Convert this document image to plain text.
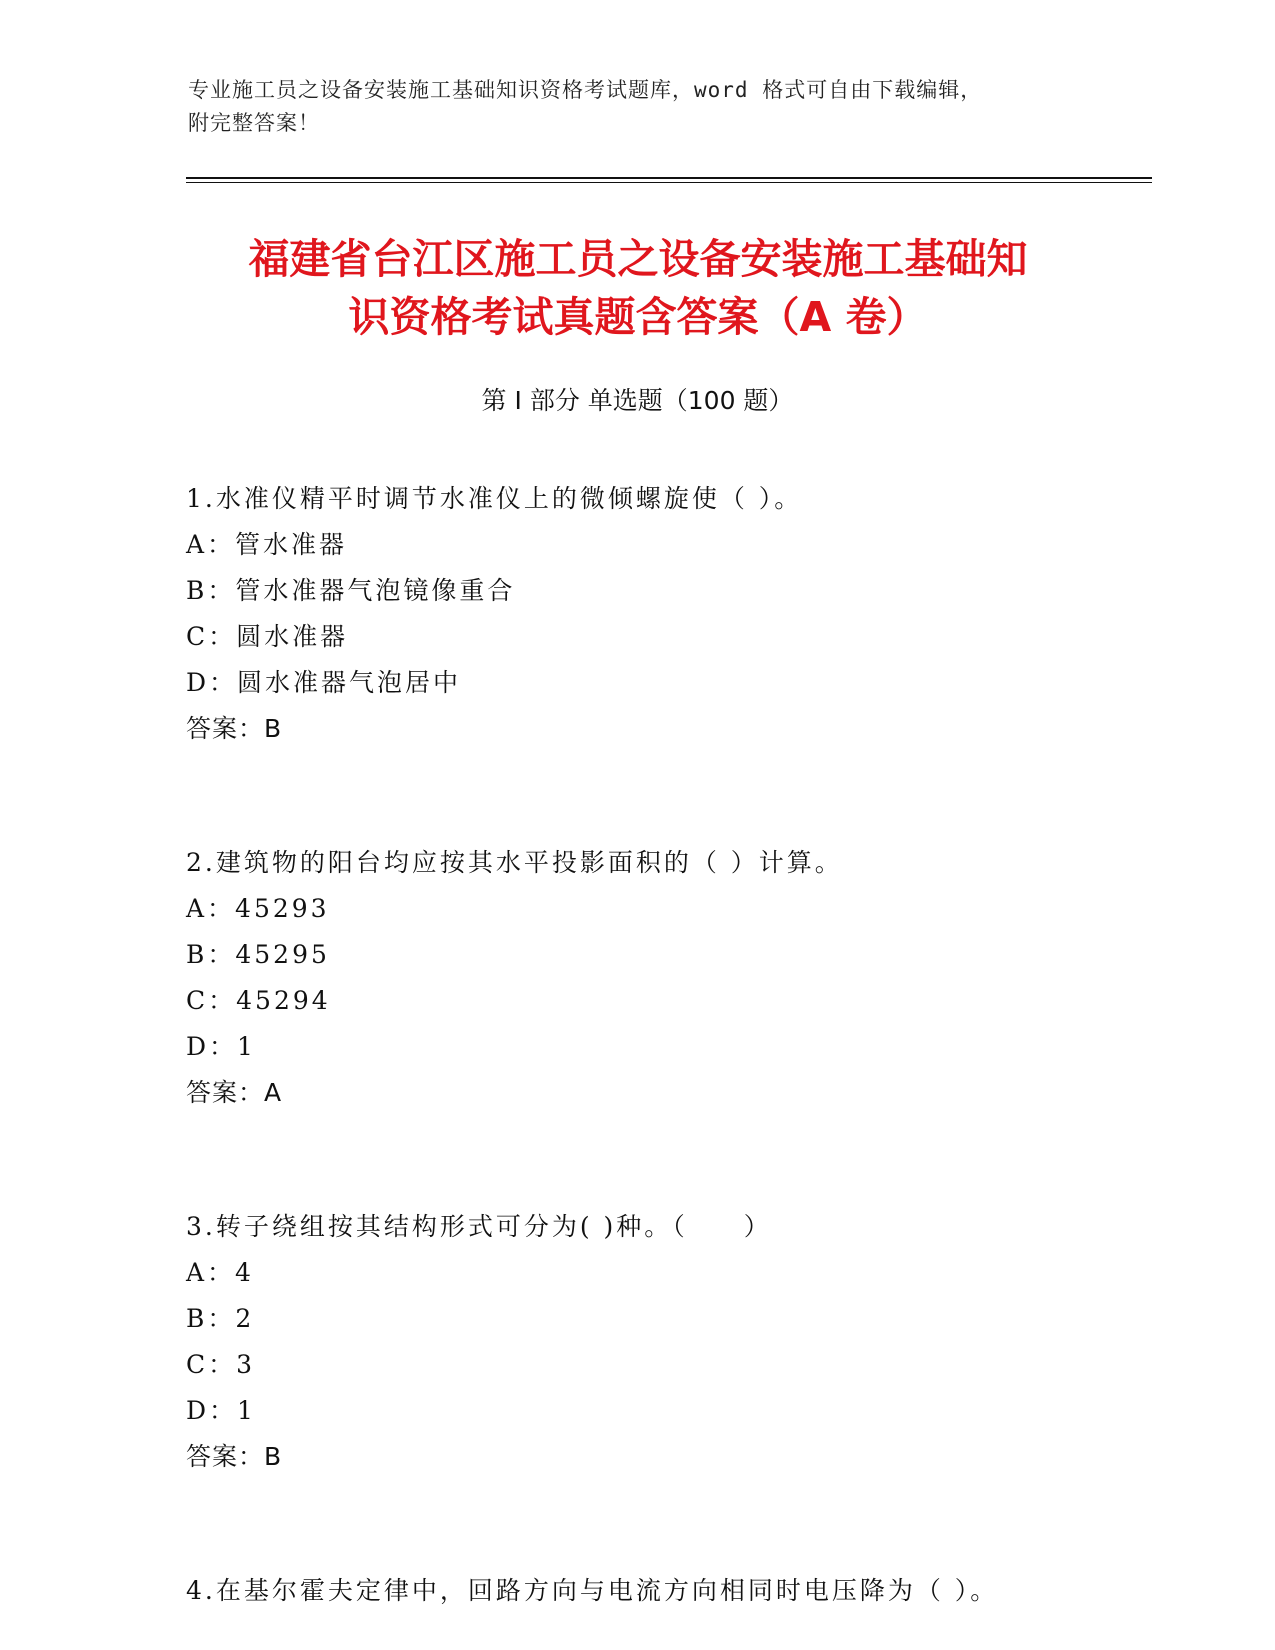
专业施工员之设备安装施工基础知识资格考试题库，word 格式可自由下载编辑，
附完整答案！
福建省台江区施工员之设备安装施工基础知
识资格考试真题含答案（A 卷）
第 I 部分 单选题（100 题）
1.水准仪精平时调节水准仪上的微倾螺旋使（ ）。
A：管水准器
B：管水准器气泡镜像重合
C：圆水准器
D：圆水准器气泡居中
答案：B
2.建筑物的阳台均应按其水平投影面积的（ ）计算。
A：45293
B：45295
C：45294
D：1
答案：A
3.转子绕组按其结构形式可分为( )种。（　　）
A：4
B：2
C：3
D：1
答案：B
4.在基尔霍夫定律中，回路方向与电流方向相同时电压降为（ ）。
